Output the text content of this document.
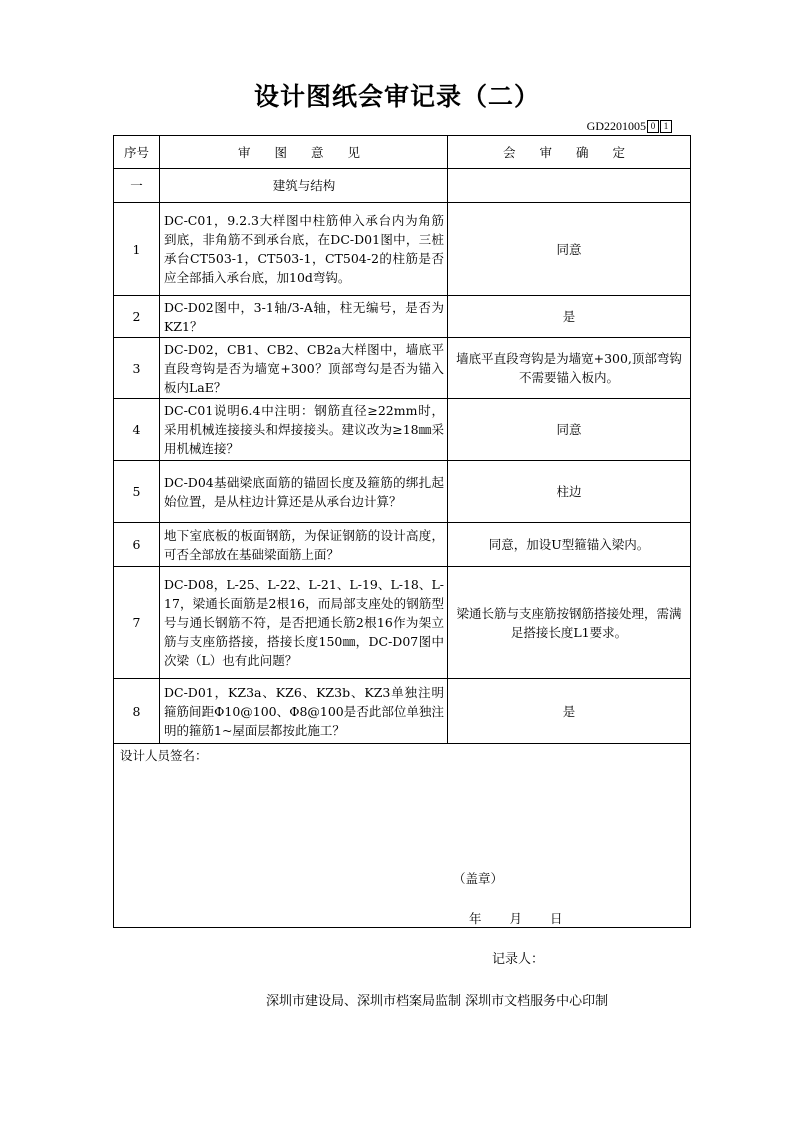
设计图纸会审记录（二）
GD2201005 0 1
序号	审 图 意 见	会 审 确 定
一	建筑与结构	
1	DC-C01，9.2.3大样图中柱筋伸入承台内为角筋到底，非角筋不到承台底，在DC-D01图中，三桩承台CT503-1，CT503-1，CT504-2的柱筋是否应全部插入承台底，加10d弯钩。	同意
2	DC-D02图中，3-1轴/3-A轴，柱无编号，是否为KZ1？	是
3	DC-D02，CB1、CB2、CB2a大样图中，墙底平直段弯钩是否为墙宽+300？顶部弯勾是否为锚入板内LaE？	墙底平直段弯钩是为墙宽+300,顶部弯钩不需要锚入板内。
4	DC-C01说明6.4中注明：钢筋直径≥22mm时，采用机械连接接头和焊接接头。建议改为≥18㎜采用机械连接？	同意
5	DC-D04基础梁底面筋的锚固长度及箍筋的绑扎起始位置，是从柱边计算还是从承台边计算？	柱边
6	地下室底板的板面钢筋，为保证钢筋的设计高度，可否全部放在基础梁面筋上面？	同意，加设U型箍锚入梁内。
7	DC-D08，L-25、L-22、L-21、L-19、L-18、L-17，梁通长面筋是2根16，而局部支座处的钢筋型号与通长钢筋不符，是否把通长筋2根16作为架立筋与支座筋搭接，搭接长度150㎜，DC-D07图中次梁（L）也有此问题？	梁通长筋与支座筋按钢筋搭接处理，需满足搭接长度L1要求。
8	DC-D01，KZ3a、KZ6、KZ3b、KZ3单独注明箍筋间距Φ10@100、Φ8@100是否此部位单独注明的箍筋1~屋面层都按此施工？	是

设计人员签名：
（盖章）
年 月 日		
记录人：
深圳市建设局、深圳市档案局监制 深圳市文档服务中心印制
